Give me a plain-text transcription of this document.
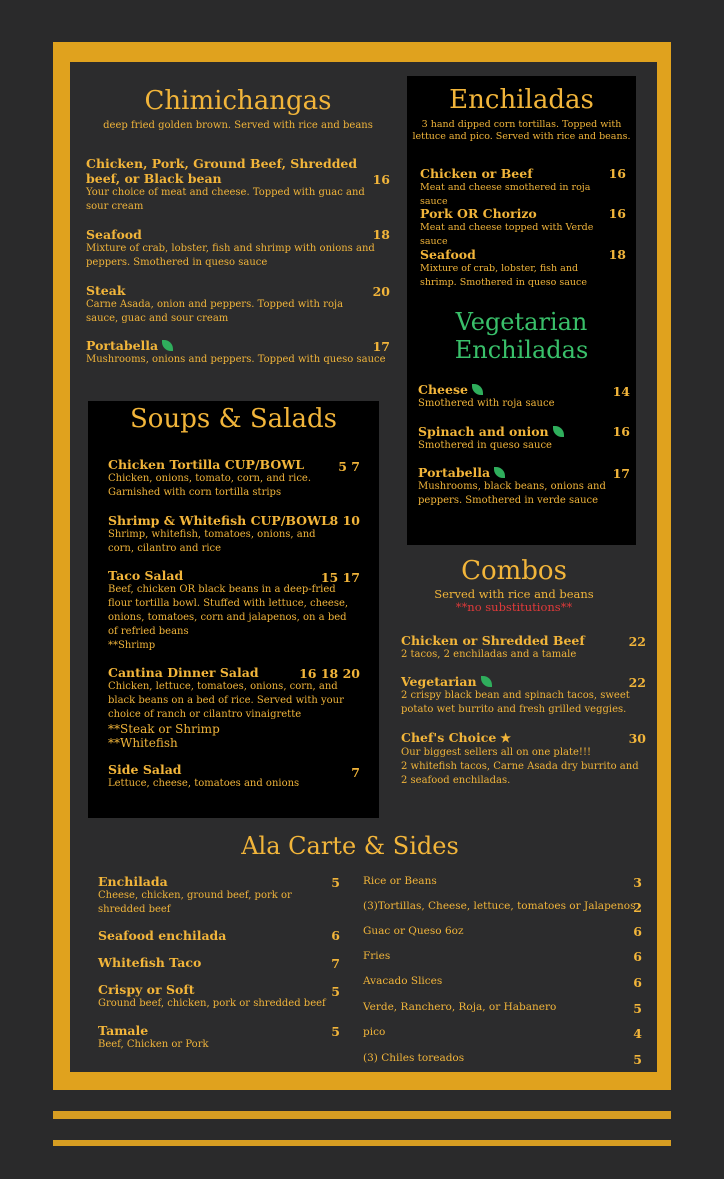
Chimichangas
deep fried golden brown. Served with rice and beans
Chicken, Pork, Ground Beef, Shredded beef, or Black bean
Your choice of meat and cheese. Topped with guac and sour cream
16
Seafood
Mixture of crab, lobster, fish and shrimp with onions and peppers. Smothered in queso sauce
18
Steak
Carne Asada, onion and peppers. Topped with roja sauce, guac and sour cream
20
Portabella
Mushrooms, onions and peppers. Topped with queso sauce
17
Enchiladas
3 hand dipped corn tortillas. Topped with lettuce and pico. Served with rice and beans.
Chicken or Beef
Meat and cheese smothered in roja sauce
16
Pork OR Chorizo
Meat and cheese topped with Verde sauce
16
Seafood
Mixture of crab, lobster, fish and shrimp. Smothered in queso sauce
18
Vegetarian
Enchiladas
Cheese
Smothered with roja sauce
14
Spinach and onion
Smothered in queso sauce
16
Portabella
Mushrooms, black beans, onions and peppers. Smothered in verde sauce
17
Soups & Salads
Chicken Tortilla CUP/BOWL
Chicken, onions, tomato, corn, and rice. Garnished with corn tortilla strips
5 7
Shrimp & Whitefish CUP/BOWL
Shrimp, whitefish, tomatoes, onions, and corn, cilantro and rice
8 10
Taco Salad
Beef, chicken OR black beans in a deep-fried flour tortilla bowl. Stuffed with lettuce, cheese, onions, tomatoes, corn and jalapenos, on a bed of refried beans
**Shrimp
15 17
Cantina Dinner Salad
Chicken, lettuce, tomatoes, onions, corn, and black beans on a bed of rice. Served with your choice of ranch or cilantro vinaigrette
**Steak or Shrimp
**Whitefish
16 18 20
Side Salad
Lettuce, cheese, tomatoes and onions
7
Combos
Served with rice and beans
**no substitutions**
Chicken or Shredded Beef
2 tacos, 2 enchiladas and a tamale
22
Vegetarian
2 crispy black bean and spinach tacos, sweet potato wet burrito and fresh grilled veggies.
22
Chef's Choice ★
Our biggest sellers all on one plate!!!
2 whitefish tacos, Carne Asada dry burrito and 2 seafood enchiladas.
30
Ala Carte & Sides
Enchilada
Cheese, chicken, ground beef, pork or shredded beef
5
Seafood enchilada	6
Whitefish Taco	7
Crispy or Soft
Ground beef, chicken, pork or shredded beef
5
Tamale
Beef, Chicken or Pork
5
Rice or Beans	3
(3)Tortillas, Cheese, lettuce, tomatoes or Jalapenos
2
Guac or Queso 6oz	6
Fries	6
Avacado Slices	6
Verde, Ranchero, Roja, or Habanero	5
pico	4
(3) Chiles toreados	5
